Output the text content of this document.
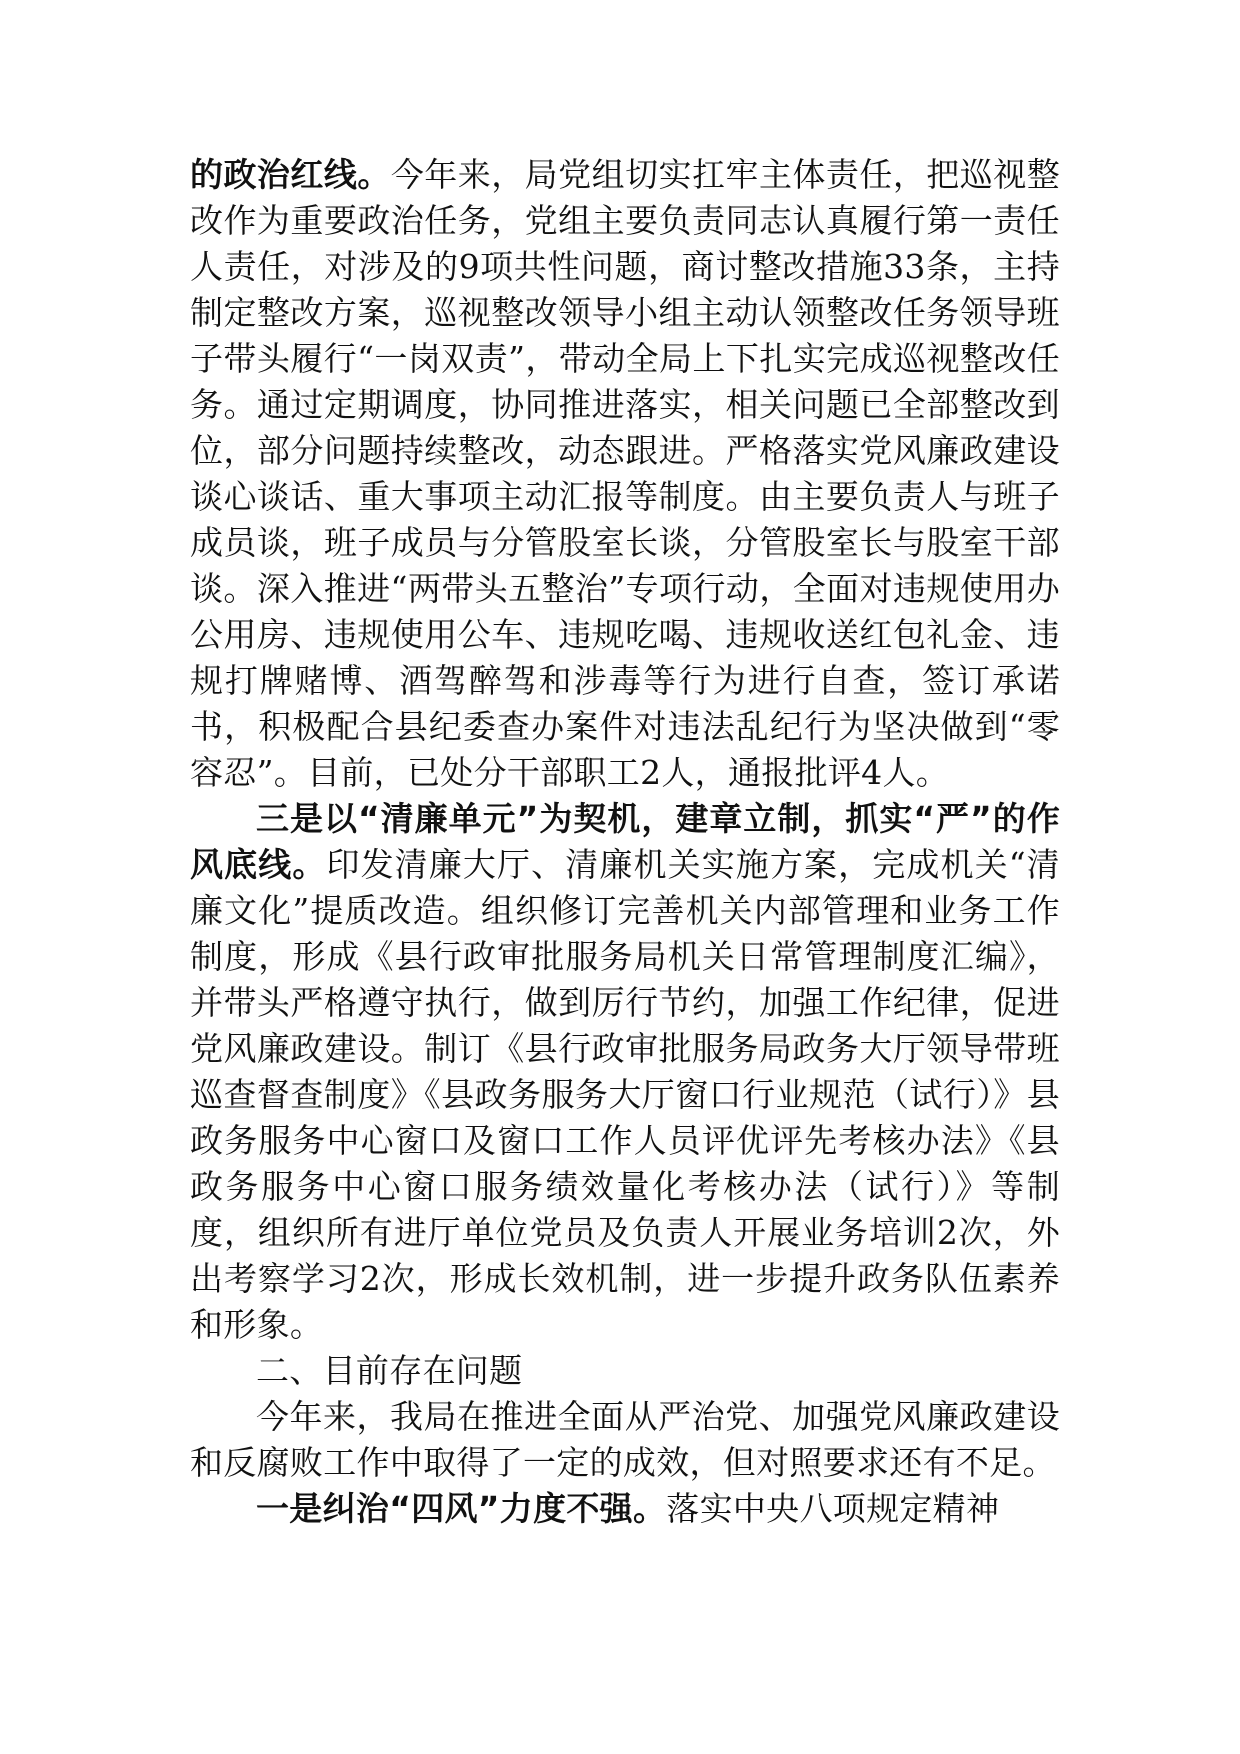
的政治红线。今年来，局党组切实扛牢主体责任，把巡视整改作为重要政治任务，党组主要负责同志认真履行第一责任人责任，对涉及的9项共性问题，商讨整改措施33条，主持制定整改方案，巡视整改领导小组主动认领整改任务领导班子带头履行“一岗双责”，带动全局上下扎实完成巡视整改任务。通过定期调度，协同推进落实，相关问题已全部整改到位，部分问题持续整改，动态跟进。严格落实党风廉政建设谈心谈话、重大事项主动汇报等制度。由主要负责人与班子成员谈，班子成员与分管股室长谈，分管股室长与股室干部谈。深入推进“两带头五整治”专项行动，全面对违规使用办公用房、违规使用公车、违规吃喝、违规收送红包礼金、违规打牌赌博、酒驾醉驾和涉毒等行为进行自查，签订承诺书，积极配合县纪委查办案件对违法乱纪行为坚决做到“零容忍”。目前，已处分干部职工2人，通报批评4人。

三是以“清廉单元”为契机，建章立制，抓实“严”的作风底线。印发清廉大厅、清廉机关实施方案，完成机关“清廉文化”提质改造。组织修订完善机关内部管理和业务工作制度，形成《县行政审批服务局机关日常管理制度汇编》，并带头严格遵守执行，做到厉行节约，加强工作纪律，促进党风廉政建设。制订《县行政审批服务局政务大厅领导带班巡查督查制度》《县政务服务大厅窗口行业规范（试行）》县政务服务中心窗口及窗口工作人员评优评先考核办法》《县政务服务中心窗口服务绩效量化考核办法（试行）》等制度，组织所有进厅单位党员及负责人开展业务培训2次，外出考察学习2次，形成长效机制，进一步提升政务队伍素养和形象。

二、目前存在问题

今年来，我局在推进全面从严治党、加强党风廉政建设和反腐败工作中取得了一定的成效，但对照要求还有不足。

一是纠治“四风”力度不强。落实中央八项规定精神
